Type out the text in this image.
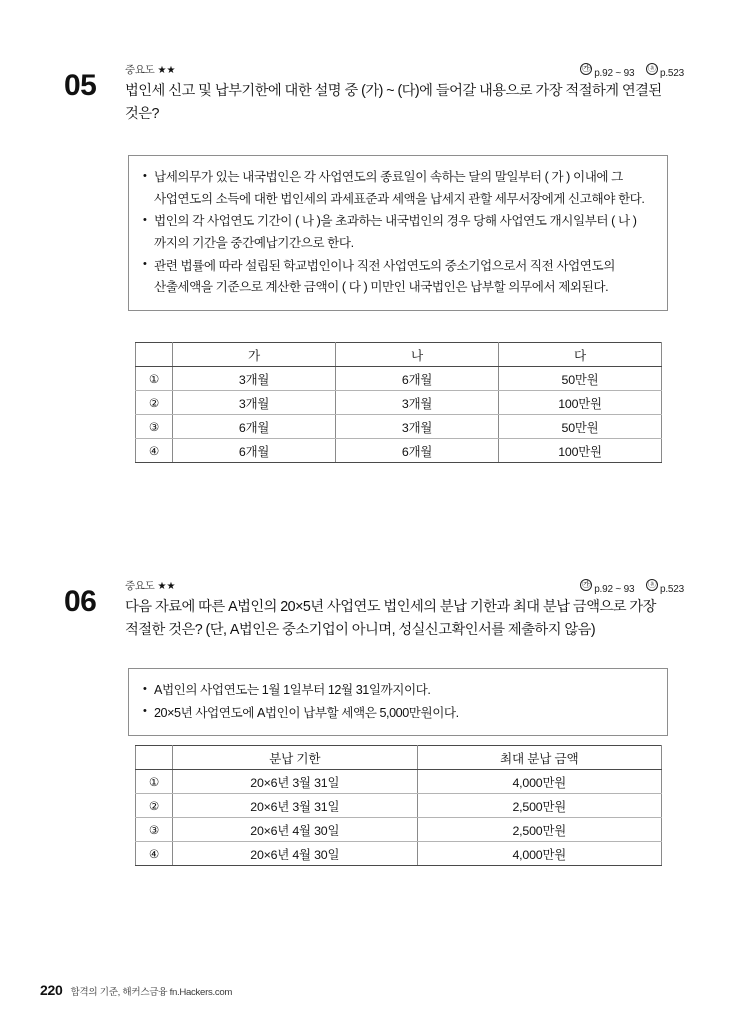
05	중요도 ★★	㉮ p.92 ~ 93 ⓐ p.523
법인세 신고 및 납부기한에 대한 설명 중 (가) ~ (다)에 들어갈 내용으로 가장 적절하게 연결된 것은?
• 납세의무가 있는 내국법인은 각 사업연도의 종료일이 속하는 달의 말일부터 ( 가 ) 이내에 그 사업연도의 소득에 대한 법인세의 과세표준과 세액을 납세지 관할 세무서장에게 신고해야 한다.
• 법인의 각 사업연도 기간이 ( 나 )을 초과하는 내국법인의 경우 당해 사업연도 개시일부터 ( 나 )까지의 기간을 중간예납기간으로 한다.
• 관련 법률에 따라 설립된 학교법인이나 직전 사업연도의 중소기업으로서 직전 사업연도의 산출세액을 기준으로 계산한 금액이 ( 다 ) 미만인 내국법인은 납부할 의무에서 제외된다.
	가	나	다
①	3개월	6개월	50만원
②	3개월	3개월	100만원
③	6개월	3개월	50만원
④	6개월	6개월	100만원
06	중요도 ★★	㉮ p.92 ~ 93 ⓐ p.523
다음 자료에 따른 A법인의 20×5년 사업연도 법인세의 분납 기한과 최대 분납 금액으로 가장 적절한 것은? (단, A법인은 중소기업이 아니며, 성실신고확인서를 제출하지 않음)
• A법인의 사업연도는 1월 1일부터 12월 31일까지이다.
• 20×5년 사업연도에 A법인이 납부할 세액은 5,000만원이다.
	분납 기한	최대 분납 금액
①	20×6년 3월 31일	4,000만원
②	20×6년 3월 31일	2,500만원
③	20×6년 4월 30일	2,500만원
④	20×6년 4월 30일	4,000만원
220 합격의 기준, 해커스금융 fn.Hackers.com
